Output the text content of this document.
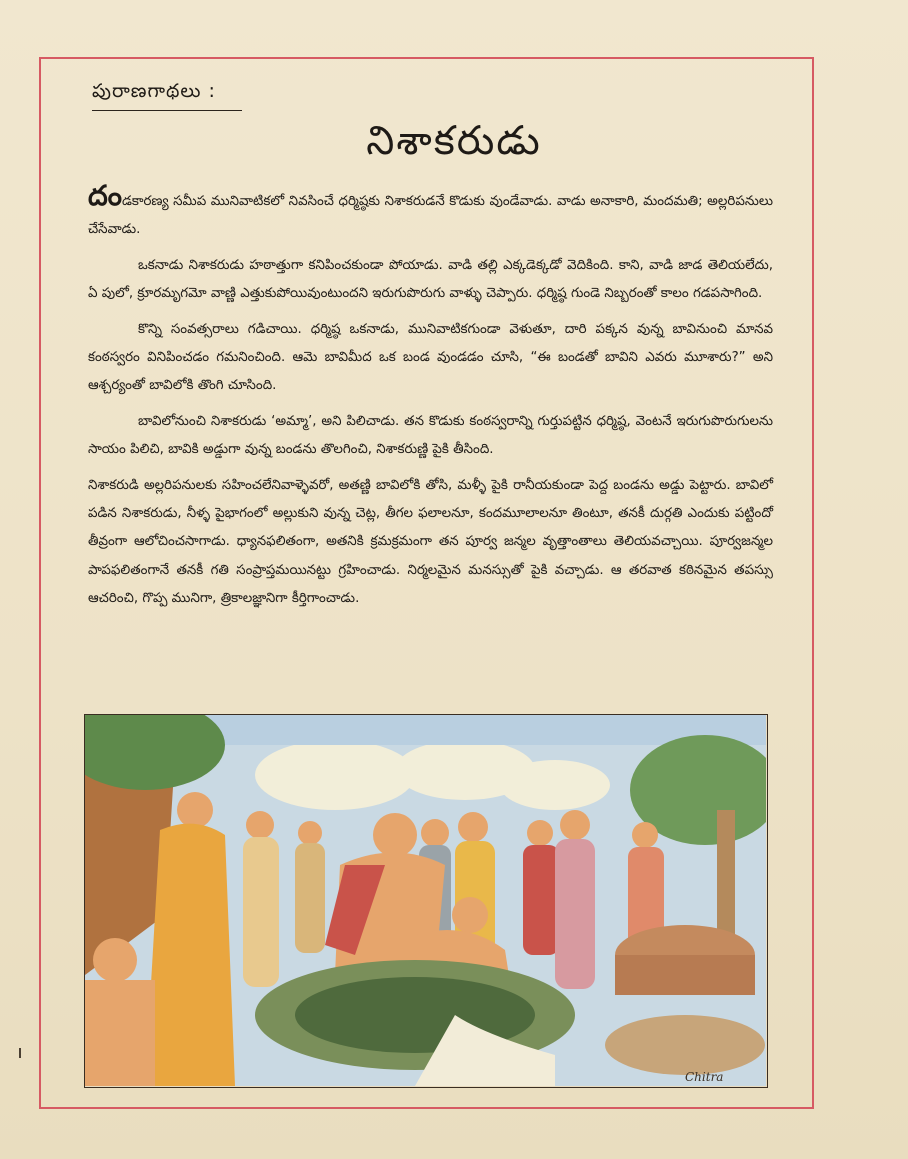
పురాణగాథలు :
నిశాకరుడు

దండకారణ్య సమీప మునివాటికలో నివసించే ధర్మిష్ఠకు నిశాకరుడనే కొడుకు వుండేవాడు. వాడు అనాకారి, మందమతి; అల్లరిపనులు చేసేవాడు.

ఒకనాడు నిశాకరుడు హఠాత్తుగా కనిపించకుండా పోయాడు. వాడి తల్లి ఎక్కడెక్కడో వెదికింది. కాని, వాడి జాడ తెలియలేదు, ఏ పులో, క్రూరమృగమో వాణ్ణి ఎత్తుకుపోయివుంటుందని ఇరుగుపొరుగు వాళ్ళు చెప్పారు. ధర్మిష్ఠ గుండె నిబ్బరంతో కాలం గడపసాగింది.

కొన్ని సంవత్సరాలు గడిచాయి. ధర్మిష్ఠ ఒకనాడు, మునివాటికగుండా వెళుతూ, దారి పక్కన వున్న బావినుంచి మానవ కంఠస్వరం వినిపించడం గమనించింది. ఆమె బావిమీద ఒక బండ వుండడం చూసి, “ఈ బండతో బావిని ఎవరు మూశారు?” అని ఆశ్చర్యంతో బావిలోకి తొంగి చూసింది.

బావిలోనుంచి నిశాకరుడు ‘అమ్మా’, అని పిలిచాడు. తన కొడుకు కంఠస్వరాన్ని గుర్తుపట్టిన ధర్మిష్ఠ, వెంటనే ఇరుగుపొరుగులను సాయం పిలిచి, బావికి అడ్డుగా వున్న బండను తొలగించి, నిశాకరుణ్ణి పైకి తీసింది.

నిశాకరుడి అల్లరిపనులకు సహించలేనివాళ్ళెవరో, అతణ్ణి బావిలోకి తోసి, మళ్ళీ పైకి రానీయకుండా పెద్ద బండను అడ్డు పెట్టారు. బావిలో పడిన నిశాకరుడు, నీళ్ళ పైభాగంలో అల్లుకుని వున్న చెట్ల, తీగల ఫలాలనూ, కందమూలాలనూ తింటూ, తనకీ దుర్గతి ఎందుకు పట్టిందో తీవ్రంగా ఆలోచించసాగాడు. ధ్యానఫలితంగా, అతనికి క్రమక్రమంగా తన పూర్వ జన్మల వృత్తాంతాలు తెలియవచ్చాయి. పూర్వజన్మల పాపఫలితంగానే తనకీ గతి సంప్రాప్తమయినట్టు గ్రహించాడు. నిర్మలమైన మనస్సుతో పైకి వచ్చాడు. ఆ తరవాత కఠినమైన తపస్సు ఆచరించి, గొప్ప మునిగా, త్రికాలజ్ఞానిగా కీర్తిగాంచాడు.

Chitra
